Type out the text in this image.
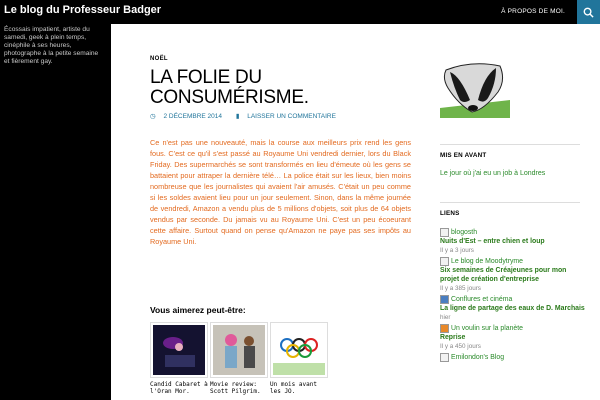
Le blog du Professeur Badger	À PROPOS DE MOI.
Écossais impatient, artiste du samedi, geek à plein temps, cinéphile à ses heures, photographe à la petite semaine et fièrement gay.	NOËL
LA FOLIE DU CONSUMÉRISME.
◷ 2 DÉCEMBRE 2014 ▮ LAISSER UN COMMENTAIRE
Ce n'est pas une nouveauté, mais la course aux meilleurs prix rend les gens fous. C'est ce qu'il s'est passé au Royaume Uni vendredi dernier, lors du Black Friday. Des supermarchés se sont transformés en lieu d'émeute où les gens se battaient pour attraper la dernière télé… La police était sur les lieux, bien moins nombreuse que les journalistes qui avaient l'air amusés. C'était un peu comme si les soldes avaient lieu pour un jour seulement. Sinon, dans la même journée de vendredi, Amazon a vendu plus de 5 millions d'objets, soit plus de 64 objets vendus par seconde. Du jamais vu au Royaume Uni. C'est un peu écoeurant cette affaire. Surtout quand on pense qu'Amazon ne paye pas ses impôts au Royaume Uni.
Vous aimerez peut-être:
Candid Cabaret à l'Oran Mor.
Movie review: Scott Pilgrim.
Un mois avant les JO.
MIS EN AVANT
Le jour où j'ai eu un job à Londres
LIENS
blogosth
Nuits d'Est – entre chien et loup
Il y a 3 jours
Le blog de Moodytryme
Six semaines de Créajeunes pour mon projet de création d'entreprise
Il y a 385 jours
Conflures et cinéma
La ligne de partage des eaux de D. Marchais
hier
Un voulin sur la planète
Reprise
Il y a 450 jours
Emilondon's Blog
